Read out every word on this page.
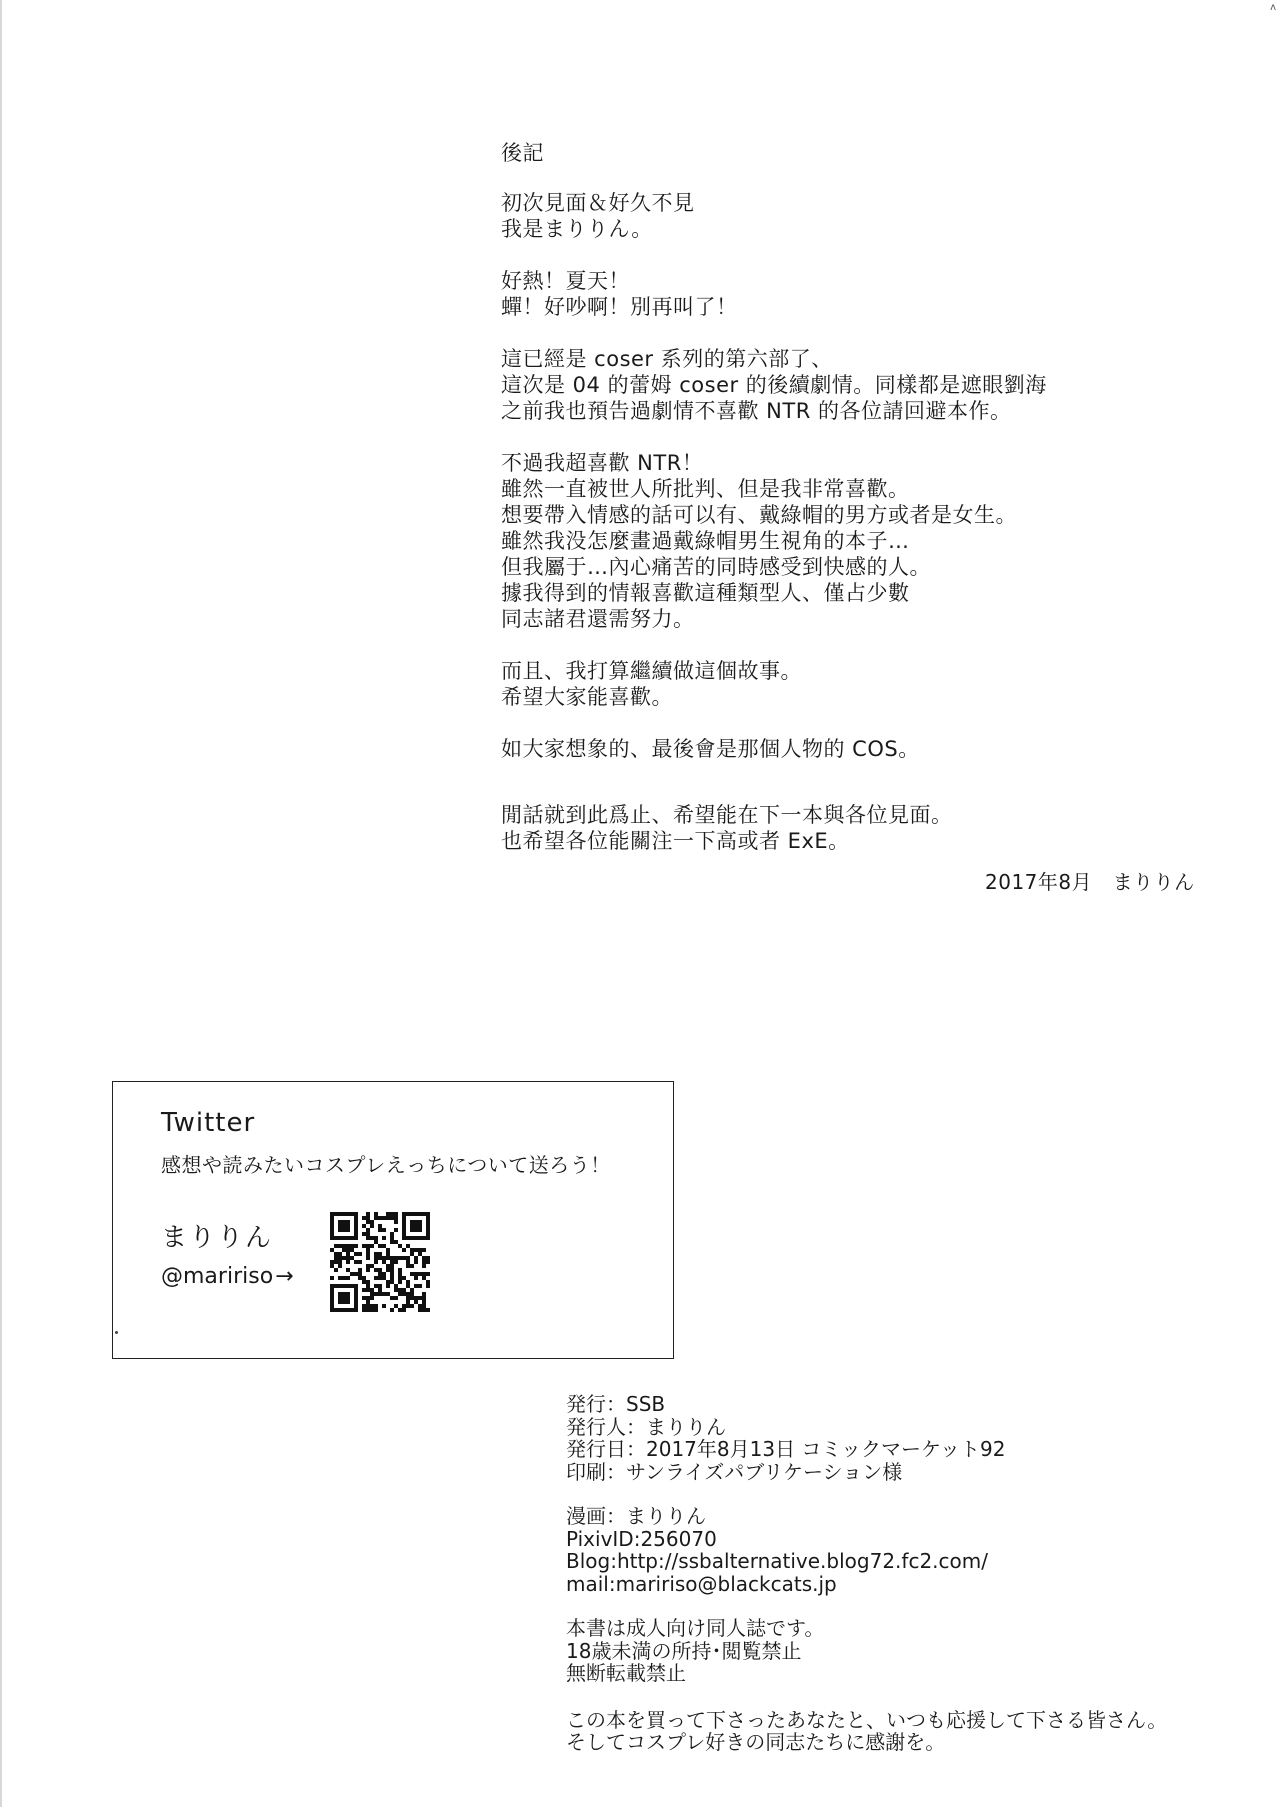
ʌ
後記
初次見面＆好久不見
我是まりりん。
好熱！夏天！
蟬！好吵啊！別再叫了！
這已經是 coser 系列的第六部了、
這次是 04 的蕾姆 coser 的後續劇情。同樣都是遮眼劉海
之前我也預告過劇情不喜歡 NTR 的各位請回避本作。
不過我超喜歡 NTR！
雖然一直被世人所批判、但是我非常喜歡。
想要帶入情感的話可以有、戴綠帽的男方或者是女生。
雖然我没怎麼畫過戴綠帽男生視角的本子…
但我屬于…內心痛苦的同時感受到快感的人。
據我得到的情報喜歡這種類型人、僅占少數
同志諸君還需努力。
而且、我打算繼續做這個故事。
希望大家能喜歡。
如大家想象的、最後會是那個人物的 COS。
閒話就到此爲止、希望能在下一本與各位見面。
也希望各位能關注一下高或者 ExE。
2017年8月　まりりん
Twitter
感想や読みたいコスプレえっちについて送ろう！
まりりん
@maririso→
発行：SSB
発行人：まりりん
発行日：2017年8月13日 コミックマーケット92
印刷：サンライズパブリケーション様
漫画：まりりん
PixivID:256070
Blog:http://ssbalternative.blog72.fc2.com/
mail:maririso@blackcats.jp
本書は成人向け同人誌です。
18歳未満の所持･閲覧禁止
無断転載禁止
この本を買って下さったあなたと、いつも応援して下さる皆さん。
そしてコスプレ好きの同志たちに感謝を。
